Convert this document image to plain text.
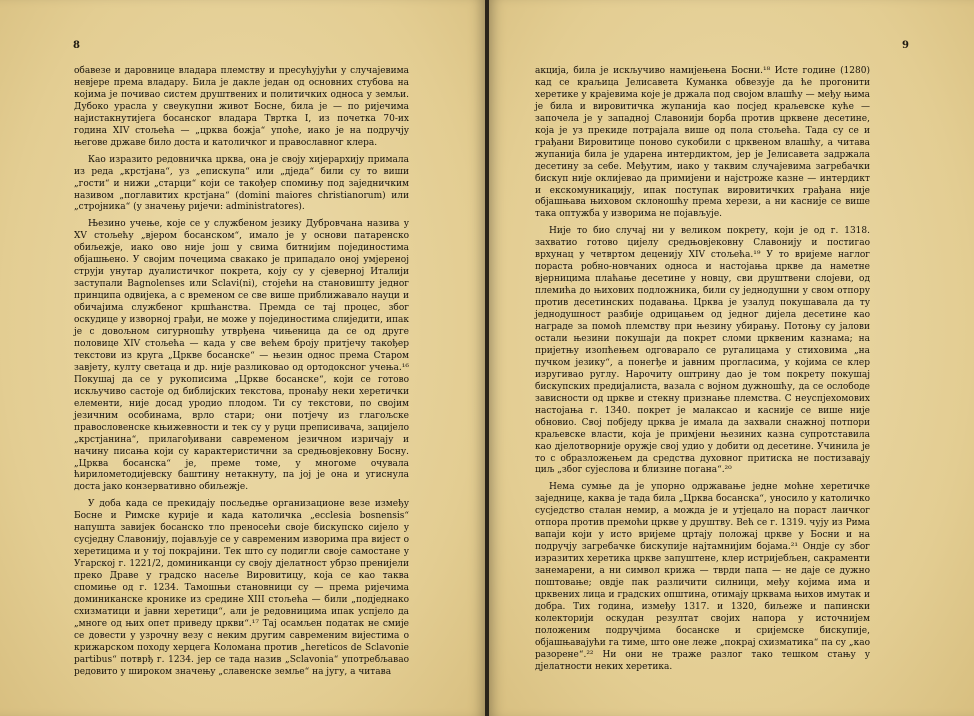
8

обавезе и даровнице владара племству и пресућујући у случајевима невјере према владару. Била је дакле један од основних стубова на којима је почивао систем друштвених и политичких односа у земљи. Дубоко урасла у свеукупни живот Босне, била је — по ријечима најистакнутијега босанског владара Твртка I, из почетка 70-их година XIV стољећа — „црква божја“ упоће, иако је на подручју његове државе било доста и католичког и православног клера.

Као изразито редовничка црква, она је своју хијерархију примала из реда „крстјана“, уз „епискупа“ или „дједа“ били су то виши „гости“ и нижи „старци“ који се такођер спомињу под заједничким називом „поглавитих крстјана“ (domini maiores christianorum) или „стројника“ (у значењу ријечи: administratores).

Њезино учење, које се у службеном језику Дубровчана назива у XV стољећу „вјером босанском“, имало је у основи патаренско обиљежје, иако ово није још у свима битнијим појединостима објашњено. У својим почецима свакако је припадало оној умјереној струји унутар дуалистичког покрета, коју су у сјеверној Италији заступали Bagnolenses или Sclavi(ni), стојећи на становишту једног принципа одвијека, а с временом се све више приближавало науци и обичајима службеног кршћанства. Премда се тај процес, због оскудице у изворној грађи, не може у појединостима слиједити, ипак је с довољном сигурношћу утврђена чињеница да се од друге половице XIV стољећа — када у све већем броју притјечу такођер текстови из круга „Цркве босанске“ — њезин однос према Старом завјету, култу светаца и др. није разликовао од ортодоксног учења.¹⁶ Покушај да се у рукописима „Цркве босанске“, који се готово искључиво састоје од библијских текстова, пронађу неки херетички елементи, није досад уродио плодом. Ти су текстови, по својим језичним особинама, врло стари; они потјечу из глагољске правословенске књижевности и тек су у руци преписивача, зацијело „крстјанина“, прилагођивани савременом језичном изричају и начину писања који су карактеристични за средњовјековну Босну. „Црква босанска“ је, преме томе, у многоме очувала ћирилометодијевску баштину нетакнуту, па јој је она и угиснула доста јако конзервативно обиљежје.

У доба када се прекидају посљедње организационе везе између Босне и Римске курије и када католичка „ecclesia bosnensis“ напушта завијек босанско тло преносећи своје бискупско сијело у сусједну Славонију, појављује се у савременим изворима пра вијест о херетицима и у тој покрајини. Тек што су подигли своје самостане у Угарској г. 1221/2, доминиканци су своју дјелатност убрзо пренијели преко Драве у градско насеље Вировитицу, која се као таква спомиње од г. 1234. Тамошњи становници су — према ријечима доминиканске кронике из средине XIII стољећа — били „подједнако схизматици и јавни херетици“, али је редовницима ипак успјело да „многе од њих опет приведу цркви“.¹⁷ Тај осамљен податак не смије се довести у узрочну везу с неким другим савременим вијестима о крижарском походу херцега Коломана против „hereticos de Sclavonie partibus“ потврђ г. 1234. јер се тада назив „Sclavonia“ употребљавао редовито у широком значењу „славенске земље“ на југу, а читава

9

акција, била је искључиво намијењена Босни.¹⁸ Исте године (1280) кад се краљица Јелисавета Куманка обвезује да ће прогонити херетике у крајевима које је држала под својом влашћу — међу њима је била и вировитичка жупанија као посјед краљевске куће — започела је у западној Славонији борба против црквене десетине, која је уз прекиде потрајала више од пола стољећа. Тада су се и грађани Вировитице поново сукобили с црквеном влашћу, а читава жупанија била је ударена интердиктом, јер је Јелисавета задржала десетину за себе. Међутим, иако у таквим случајевима загребачки бискуп није оклијевао да примијени и најстроже казне — интердикт и екскомуникацију, ипак поступак вировитичких грађана није објашњава њиховом склоношћу према херези, а ни касније се више така оптужба у изворима не појављује.

Није то био случај ни у великом покрету, који је од г. 1318. захватио готово цијелу средњовјековну Славонију и постигао врхунац у четвртом деценију XIV стољећа.¹⁹ У то вријеме наглог пораста робно-новчаних односа и настојања цркве да наметне вјерницима плаћање десетине у новцу, сви друштвени слојеви, од племића до њихових подложника, били су једнодушни у свом отпору против десетинских подавања. Црква је узалуд покушавала да ту једнодушност разбије одрицањем од једног дијела десетине као награде за помоћ племству при њезину убирању. Потоњу су јалови остали њезини покушаји да покрет сломи црквеним казнама; на пријетњу изопћењем одговарало се ругалицама у стиховима „на пучком језику“, а понегђе и јавним прогласима, у којима се клер изругивао руглу. Нарочиту оштрину дао је том покрету покушај бискупских предијалиста, вазала с војном дужношћу, да се ослободе зависности од цркве и стекну признање племства. С неуспјехомових настојања г. 1340. покрет је малаксао и касније се више није обновио. Свој побједу црква је имала да захвали снажној потпори краљевске власти, која је примјени њезиних казна супротставила као дјелотворније оружје свој удио у добити од десетине. Учинила је то с образложењем да средства духовног притиска не постизавају циљ „због сујеслова и близине погана“.²⁰

Нема сумње да је упорно одржавање једне моћне херетичке заједнице, каква је тада била „Црква босанска“, уносило у католичко сусједство сталан немир, а можда је и утјецало на пораст лаичког отпора против премоћи цркве у друштву. Већ се г. 1319. чују из Рима вапаји који у исто вријеме цртају положај цркве у Босни и на подручју загребачке бискупије најтамнијим бојама.²¹ Ондје су због изразитих херетика цркве запуштене, клер истријебљен, сакраменти занемарени, а ни символ крижа — тврди папа — не даје се дужно поштовање; овдје пак различити силници, међу којима има и црквених лица и градских општина, отимају црквама њихов имутак и добра. Тих година, између 1317. и 1320, биљеже и папински колекторији оскудан резултат својих напора у источнијем положеним подручјима босанске и сријемске бискупије, објашњавајући га тиме, што оне леже „покрај схизматика“ па су „као разорене“.²² Ни они не траже разлог тако тешком стању у дјелатности неких херетика.
